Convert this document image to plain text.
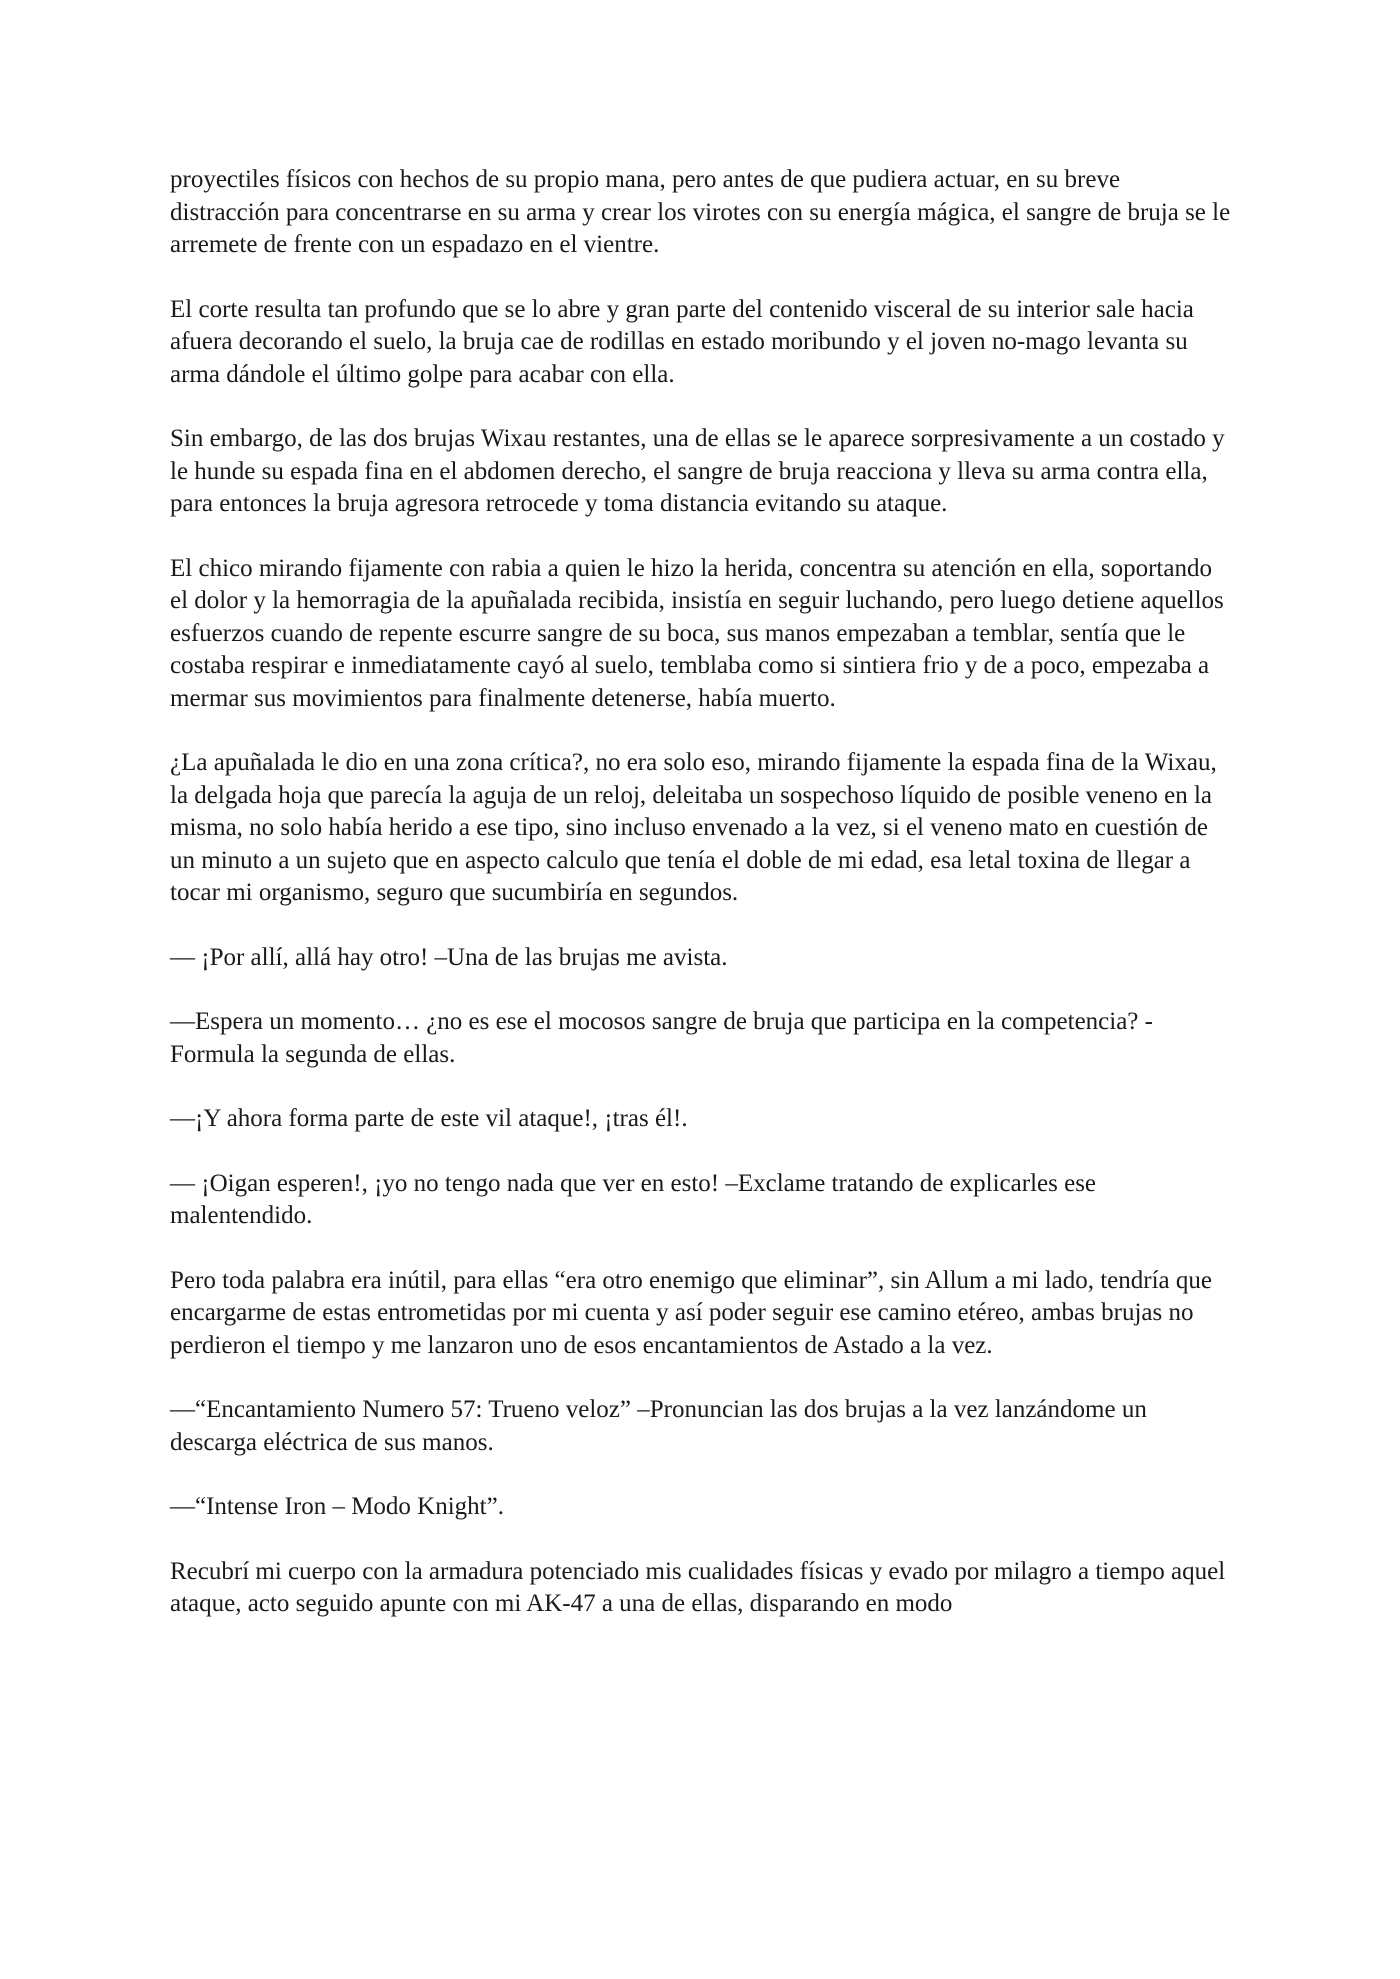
proyectiles físicos con hechos de su propio mana, pero antes de que pudiera actuar, en su breve distracción para concentrarse en su arma y crear los virotes con su energía mágica, el sangre de bruja se le arremete de frente con un espadazo en el vientre.

El corte resulta tan profundo que se lo abre y gran parte del contenido visceral de su interior sale hacia afuera decorando el suelo, la bruja cae de rodillas en estado moribundo y el joven no-mago levanta su arma dándole el último golpe para acabar con ella.

Sin embargo, de las dos brujas Wixau restantes, una de ellas se le aparece sorpresivamente a un costado y le hunde su espada fina en el abdomen derecho, el sangre de bruja reacciona y lleva su arma contra ella, para entonces la bruja agresora retrocede y toma distancia evitando su ataque.

El chico mirando fijamente con rabia a quien le hizo la herida, concentra su atención en ella, soportando el dolor y la hemorragia de la apuñalada recibida, insistía en seguir luchando, pero luego detiene aquellos esfuerzos cuando de repente escurre sangre de su boca, sus manos empezaban a temblar, sentía que le costaba respirar e inmediatamente cayó al suelo, temblaba como si sintiera frio y de a poco, empezaba a mermar sus movimientos para finalmente detenerse, había muerto.

¿La apuñalada le dio en una zona crítica?, no era solo eso, mirando fijamente la espada fina de la Wixau, la delgada hoja que parecía la aguja de un reloj, deleitaba un sospechoso líquido de posible veneno en la misma, no solo había herido a ese tipo, sino incluso envenado a la vez, si el veneno mato en cuestión de un minuto a un sujeto que en aspecto calculo que tenía el doble de mi edad, esa letal toxina de llegar a tocar mi organismo, seguro que sucumbiría en segundos.

— ¡Por allí, allá hay otro! –Una de las brujas me avista.

—Espera un momento… ¿no es ese el mocosos sangre de bruja que participa en la competencia? -Formula la segunda de ellas.

—¡Y ahora forma parte de este vil ataque!, ¡tras él!.

— ¡Oigan esperen!, ¡yo no tengo nada que ver en esto! –Exclame tratando de explicarles ese malentendido.

Pero toda palabra era inútil, para ellas “era otro enemigo que eliminar”, sin Allum a mi lado, tendría que encargarme de estas entrometidas por mi cuenta y así poder seguir ese camino etéreo, ambas brujas no perdieron el tiempo y me lanzaron uno de esos encantamientos de Astado a la vez.

—“Encantamiento Numero 57: Trueno veloz” –Pronuncian las dos brujas a la vez lanzándome un descarga eléctrica de sus manos.

—“Intense Iron – Modo Knight”.

Recubrí mi cuerpo con la armadura potenciado mis cualidades físicas y evado por milagro a tiempo aquel ataque, acto seguido apunte con mi AK-47 a una de ellas, disparando en modo
